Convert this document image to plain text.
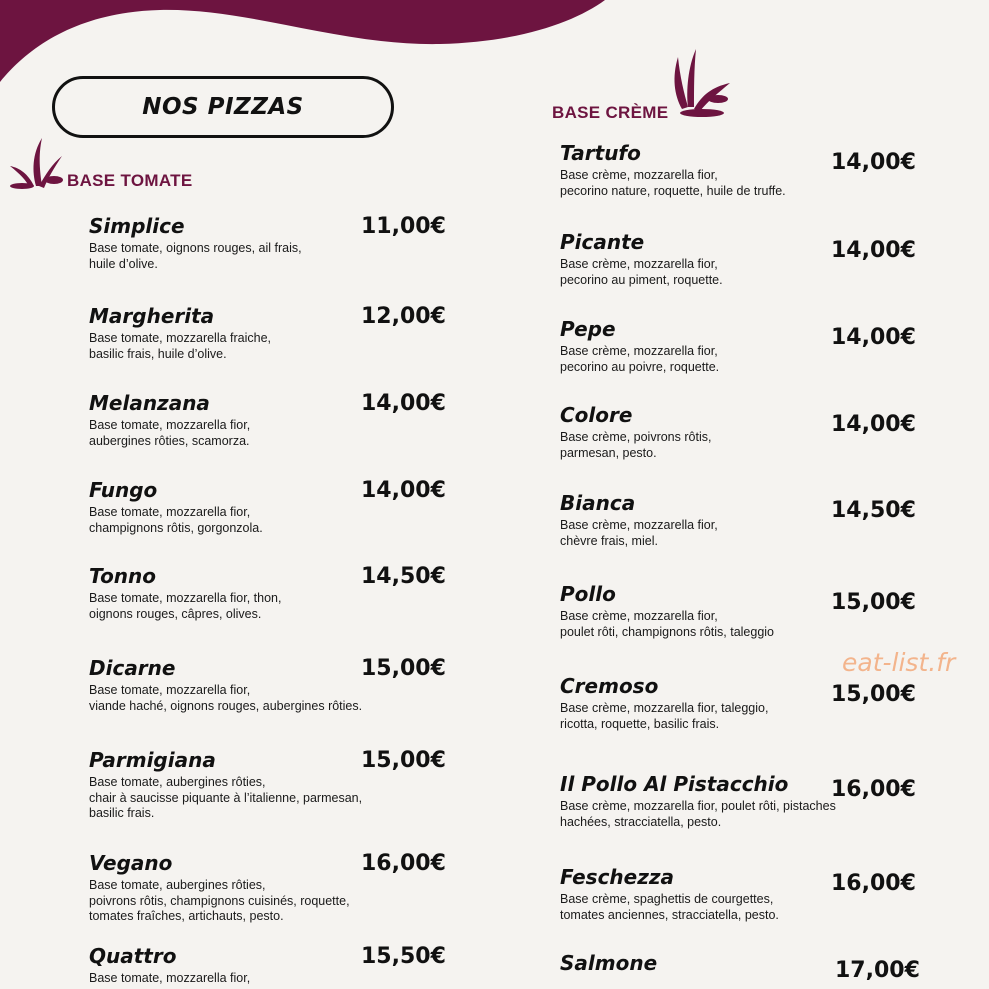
NOS PIZZAS
BASE TOMATE
BASE CRÈME
Simplice
Base tomate, oignons rouges, ail frais,
huile d’olive.
11,00€
Margherita
Base tomate, mozzarella fraiche,
basilic frais, huile d’olive.
12,00€
Melanzana
Base tomate, mozzarella fior,
aubergines rôties, scamorza.
14,00€
Fungo
Base tomate, mozzarella fior,
champignons rôtis, gorgonzola.
14,00€
Tonno
Base tomate, mozzarella fior, thon,
oignons rouges, câpres, olives.
14,50€
Dicarne
Base tomate, mozzarella fior,
viande haché, oignons rouges, aubergines rôties.
15,00€
Parmigiana
Base tomate, aubergines rôties,
chair à saucisse piquante à l’italienne, parmesan,
basilic frais.
15,00€
Vegano
Base tomate, aubergines rôties,
poivrons rôtis, champignons cuisinés, roquette,
tomates fraîches, artichauts, pesto.
16,00€
Quattro
Base tomate, mozzarella fior,
15,50€
Tartufo
Base crème, mozzarella fior,
pecorino nature, roquette, huile de truffe.
14,00€
Picante
Base crème, mozzarella fior,
pecorino au piment, roquette.
14,00€
Pepe
Base crème, mozzarella fior,
pecorino au poivre, roquette.
14,00€
Colore
Base crème, poivrons rôtis,
parmesan, pesto.
14,00€
Bianca
Base crème, mozzarella fior,
chèvre frais, miel.
14,50€
Pollo
Base crème, mozzarella fior,
poulet rôti, champignons rôtis, taleggio
15,00€
Cremoso
Base crème, mozzarella fior, taleggio,
ricotta, roquette, basilic frais.
15,00€
Il Pollo Al Pistacchio
Base crème, mozzarella fior, poulet rôti, pistaches
hachées, stracciatella, pesto.
16,00€
Feschezza
Base crème, spaghettis de courgettes,
tomates anciennes, stracciatella, pesto.
16,00€
Salmone	17,00€
eat-list.fr
